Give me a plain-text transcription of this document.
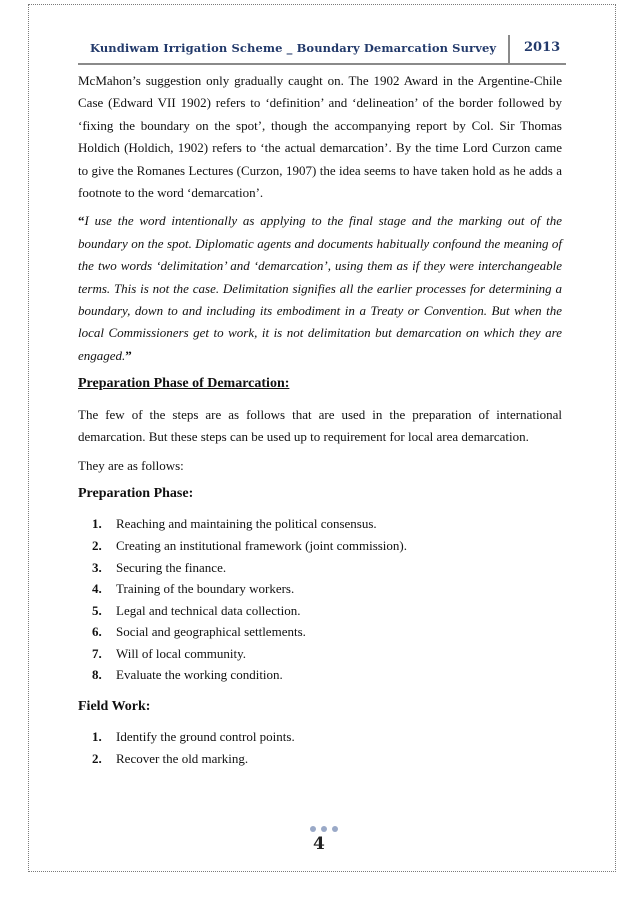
Kundiwam Irrigation Scheme _ Boundary Demarcation Survey 2013

McMahon’s suggestion only gradually caught on. The 1902 Award in the Argentine-Chile Case (Edward VII 1902) refers to ‘definition’ and ‘delineation’ of the border followed by ‘fixing the boundary on the spot’, though the accompanying report by Col. Sir Thomas Holdich (Holdich, 1902) refers to ‘the actual demarcation’. By the time Lord Curzon came to give the Romanes Lectures (Curzon, 1907) the idea seems to have taken hold as he adds a footnote to the word ‘demarcation’.

“I use the word intentionally as applying to the final stage and the marking out of the boundary on the spot. Diplomatic agents and documents habitually confound the meaning of the two words ‘delimitation’ and ‘demarcation’, using them as if they were interchangeable terms. This is not the case. Delimitation signifies all the earlier processes for determining a boundary, down to and including its embodiment in a Treaty or Convention. But when the local Commissioners get to work, it is not delimitation but demarcation on which they are engaged.”

Preparation Phase of Demarcation:

The few of the steps are as follows that are used in the preparation of international demarcation. But these steps can be used up to requirement for local area demarcation.

They are as follows:

Preparation Phase:

1. Reaching and maintaining the political consensus.
2. Creating an institutional framework (joint commission).
3. Securing the finance.
4. Training of the boundary workers.
5. Legal and technical data collection.
6. Social and geographical settlements.
7. Will of local community.
8. Evaluate the working condition.

Field Work:

1. Identify the ground control points.
2. Recover the old marking.
4
